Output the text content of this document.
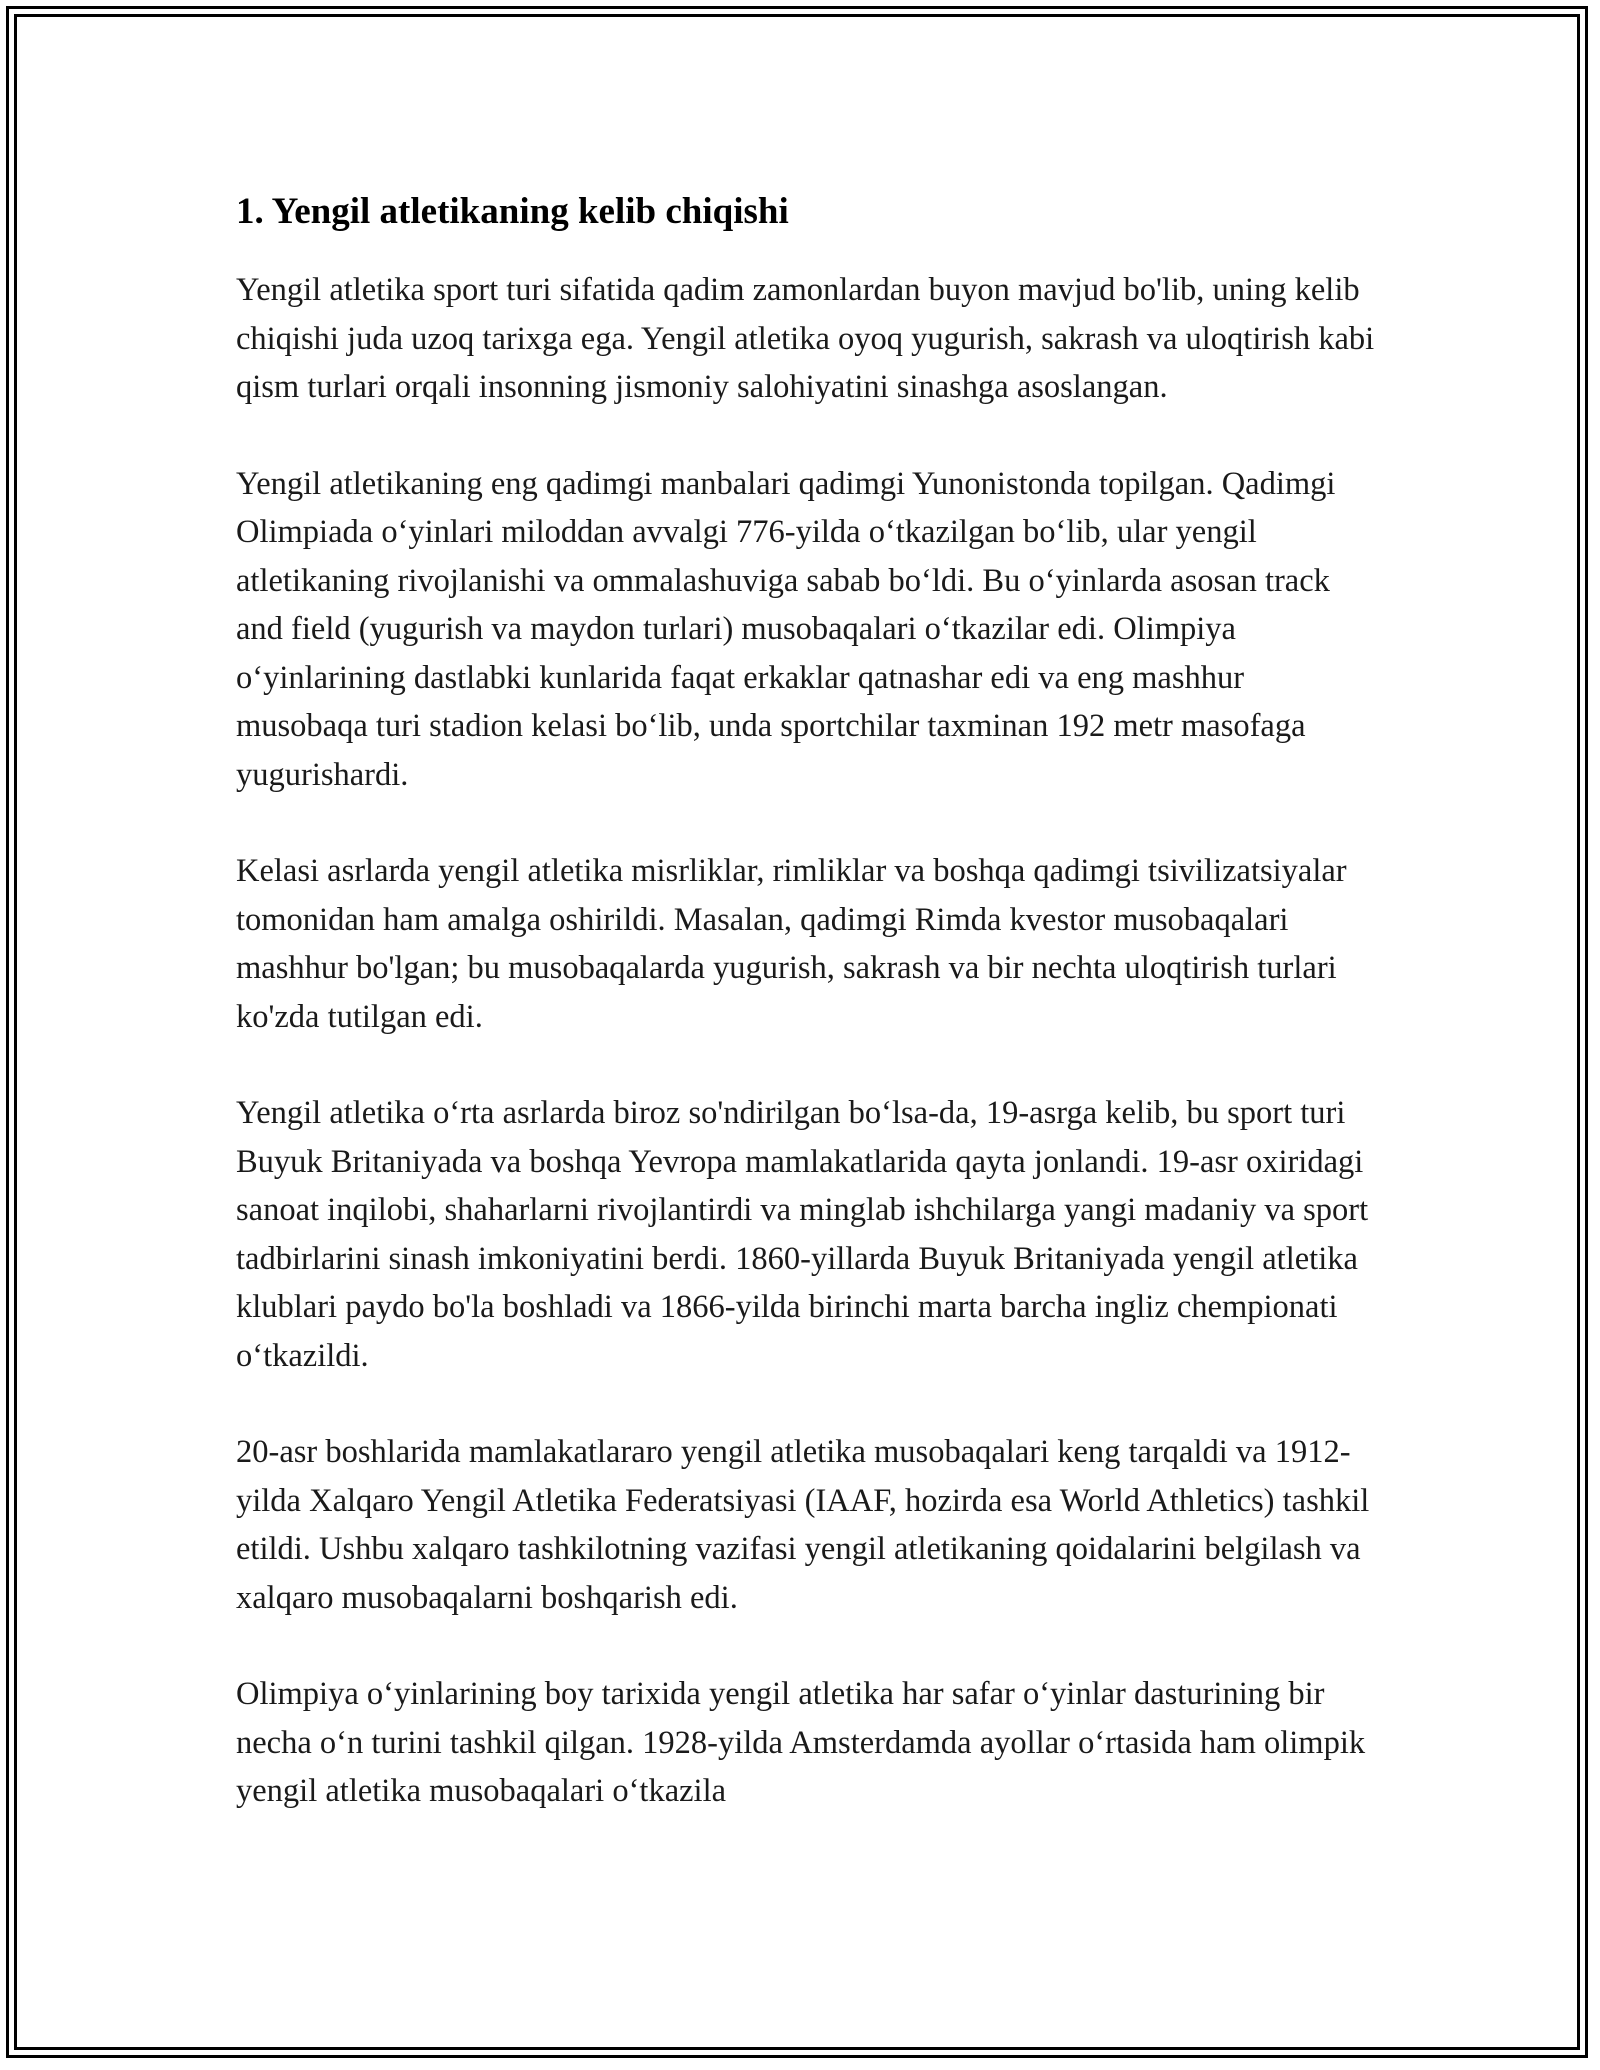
1. Yengil atletikaning kelib chiqishi

Yengil atletika sport turi sifatida qadim zamonlardan buyon mavjud bo'lib, uning kelib chiqishi juda uzoq tarixga ega. Yengil atletika oyoq yugurish, sakrash va uloqtirish kabi qism turlari orqali insonning jismoniy salohiyatini sinashga asoslangan.

Yengil atletikaning eng qadimgi manbalari qadimgi Yunonistonda topilgan. Qadimgi Olimpiada oʻyinlari miloddan avvalgi 776-yilda oʻtkazilgan boʻlib, ular yengil atletikaning rivojlanishi va ommalashuviga sabab boʻldi. Bu oʻyinlarda asosan track and field (yugurish va maydon turlari) musobaqalari oʻtkazilar edi. Olimpiya oʻyinlarining dastlabki kunlarida faqat erkaklar qatnashar edi va eng mashhur musobaqa turi stadion kelasi boʻlib, unda sportchilar taxminan 192 metr masofaga yugurishardi.

Kelasi asrlarda yengil atletika misrliklar, rimliklar va boshqa qadimgi tsivilizatsiyalar tomonidan ham amalga oshirildi. Masalan, qadimgi Rimda kvestor musobaqalari mashhur bo'lgan; bu musobaqalarda yugurish, sakrash va bir nechta uloqtirish turlari ko'zda tutilgan edi.

Yengil atletika oʻrta asrlarda biroz so'ndirilgan boʻlsa-da, 19-asrga kelib, bu sport turi Buyuk Britaniyada va boshqa Yevropa mamlakatlarida qayta jonlandi. 19-asr oxiridagi sanoat inqilobi, shaharlarni rivojlantirdi va minglab ishchilarga yangi madaniy va sport tadbirlarini sinash imkoniyatini berdi. 1860-yillarda Buyuk Britaniyada yengil atletika klublari paydo bo'la boshladi va 1866-yilda birinchi marta barcha ingliz chempionati oʻtkazildi.

20-asr boshlarida mamlakatlararo yengil atletika musobaqalari keng tarqaldi va 1912-yilda Xalqaro Yengil Atletika Federatsiyasi (IAAF, hozirda esa World Athletics) tashkil etildi. Ushbu xalqaro tashkilotning vazifasi yengil atletikaning qoidalarini belgilash va xalqaro musobaqalarni boshqarish edi.

Olimpiya oʻyinlarining boy tarixida yengil atletika har safar oʻyinlar dasturining bir necha oʻn turini tashkil qilgan. 1928-yilda Amsterdamda ayollar oʻrtasida ham olimpik yengil atletika musobaqalari oʻtkazila
